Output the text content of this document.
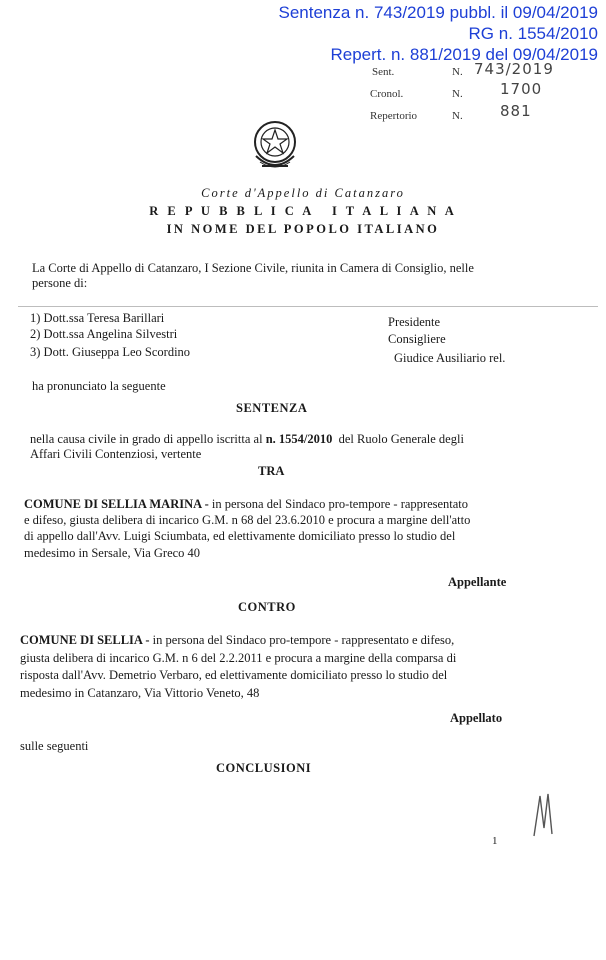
Sentenza n. 743/2019 pubbl. il 09/04/2019
RG n. 1554/2010
Repert. n. 881/2019 del 09/04/2019
Sent.	N. 743/2019
Cronol.	N. 1700
Repertorio	N. 881
Corte d'Appello di Catanzaro
R E P U B B L I C A   I T A L I A N A
IN NOME DEL POPOLO ITALIANO
La Corte di Appello di Catanzaro, I Sezione Civile, riunita in Camera di Consiglio, nelle
persone di:
1) Dott.ssa Teresa Barillari	Presidente
2) Dott.ssa Angelina Silvestri	Consigliere
3) Dott. Giuseppa Leo Scordino	Giudice Ausiliario rel.
ha pronunciato la seguente
SENTENZA
nella causa civile in grado di appello iscritta al n. 1554/2010  del Ruolo Generale degli
Affari Civili Contenziosi, vertente
TRA
COMUNE DI SELLIA MARINA - in persona del Sindaco pro-tempore - rappresentato
e difeso, giusta delibera di incarico G.M. n 68 del 23.6.2010 e procura a margine dell'atto
di appello dall'Avv. Luigi Sciumbata, ed elettivamente domiciliato presso lo studio del
medesimo in Sersale, Via Greco 40
Appellante
CONTRO
COMUNE DI SELLIA - in persona del Sindaco pro-tempore - rappresentato e difeso,
giusta delibera di incarico G.M. n 6 del 2.2.2011 e procura a margine della comparsa di
risposta dall'Avv. Demetrio Verbaro, ed elettivamente domiciliato presso lo studio del
medesimo in Catanzaro, Via Vittorio Veneto, 48
Appellato
sulle seguenti
CONCLUSIONI
1
